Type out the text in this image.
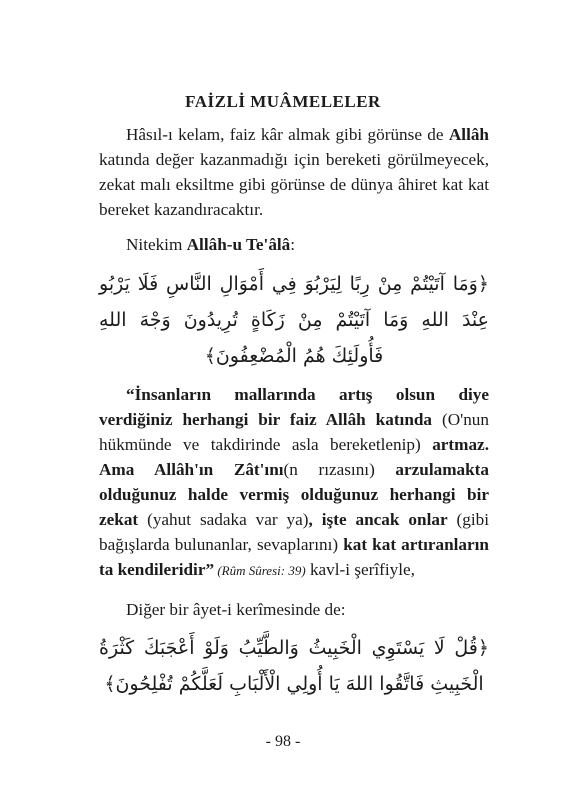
FAİZLİ MUÂMELELER

Hâsıl-ı kelam, faiz kâr almak gibi görünse de Allâh katında değer kazanmadığı için bereketi görülmeyecek, zekat malı eksiltme gibi görünse de dünya âhiret kat kat bereket kazandıracaktır.

Nitekim Allâh-u Te'âlâ:

﴿وَمَا آتَيْتُمْ مِنْ رِبًا لِيَرْبُوَ فِي أَمْوَالِ النَّاسِ فَلَا يَرْبُو عِنْدَ اللهِ وَمَا آتَيْتُمْ مِنْ زَكَاةٍ تُرِيدُونَ وَجْهَ اللهِ فَأُولَئِكَ هُمُ الْمُضْعِفُونَ﴾

“İnsanların mallarında artış olsun diye verdiğiniz herhangi bir faiz Allâh katında (O'nun hükmünde ve takdirinde asla bereketlenip) artmaz. Ama Allâh'ın Zât'ını(n rızasını) arzulamakta olduğunuz halde vermiş olduğunuz herhangi bir zekat (yahut sadaka var ya), işte ancak onlar (gibi bağışlarda bulunanlar, sevaplarını) kat kat artıranların ta kendileridir” (Rûm Sûresi: 39) kavl-i şerîfiyle,

Diğer bir âyet-i kerîmesinde de:

﴿قُلْ لَا يَسْتَوِي الْخَبِيثُ وَالطَّيِّبُ وَلَوْ أَعْجَبَكَ كَثْرَةُ الْخَبِيثِ فَاتَّقُوا اللهَ يَا أُولِي الْأَلْبَابِ لَعَلَّكُمْ تُفْلِحُونَ﴾
- 98 -
